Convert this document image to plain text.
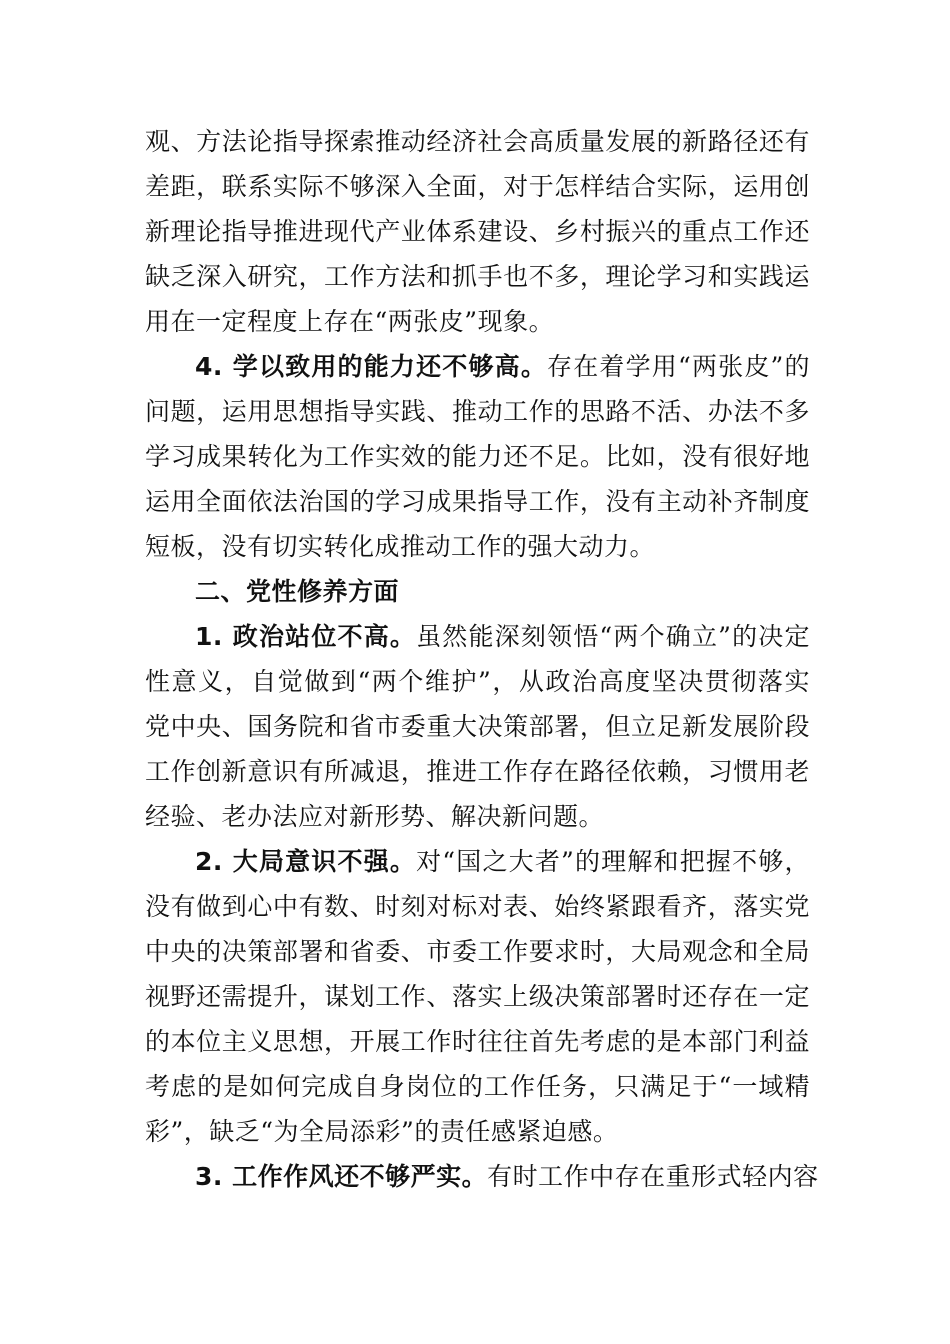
观、方法论指导探索推动经济社会高质量发展的新路径还有
差距，联系实际不够深入全面，对于怎样结合实际，运用创
新理论指导推进现代产业体系建设、乡村振兴的重点工作还
缺乏深入研究，工作方法和抓手也不多，理论学习和实践运
用在一定程度上存在“两张皮”现象。
4. 学以致用的能力还不够高。存在着学用“两张皮”的
问题，运用思想指导实践、推动工作的思路不活、办法不多
学习成果转化为工作实效的能力还不足。比如，没有很好地
运用全面依法治国的学习成果指导工作，没有主动补齐制度
短板，没有切实转化成推动工作的强大动力。
二、党性修养方面
1. 政治站位不高。虽然能深刻领悟“两个确立”的决定
性意义，自觉做到“两个维护”，从政治高度坚决贯彻落实
党中央、国务院和省市委重大决策部署，但立足新发展阶段
工作创新意识有所减退，推进工作存在路径依赖，习惯用老
经验、老办法应对新形势、解决新问题。
2. 大局意识不强。对“国之大者”的理解和把握不够，
没有做到心中有数、时刻对标对表、始终紧跟看齐，落实党
中央的决策部署和省委、市委工作要求时，大局观念和全局
视野还需提升，谋划工作、落实上级决策部署时还存在一定
的本位主义思想，开展工作时往往首先考虑的是本部门利益
考虑的是如何完成自身岗位的工作任务，只满足于“一域精
彩”，缺乏“为全局添彩”的责任感紧迫感。
3. 工作作风还不够严实。有时工作中存在重形式轻内容
